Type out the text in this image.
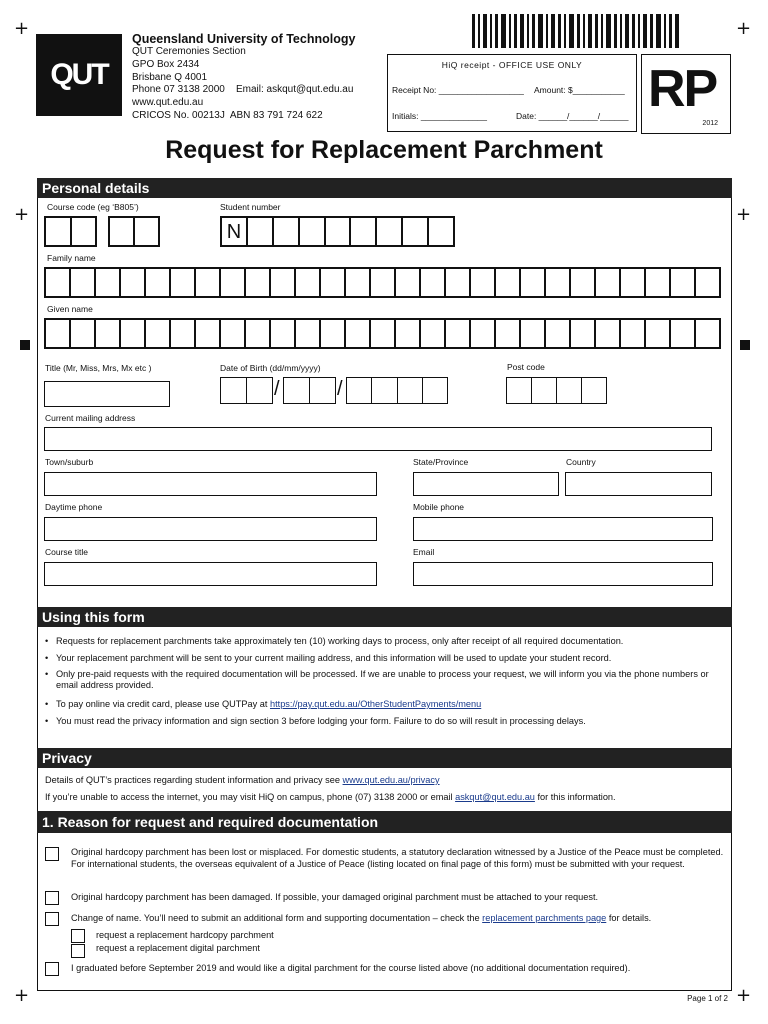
+	+
+	+
+	+
QUT
Queensland University of Technology
QUT Ceremonies Section
GPO Box 2434
Brisbane Q 4001
Phone 07 3138 2000    Email: askqut@qut.edu.au
www.qut.edu.au
CRICOS No. 00213J  ABN 83 791 724 622
HiQ receipt - OFFICE USE ONLY
Receipt No: __________________ Amount: $___________
Initials: ______________	Date: ______/______/______ RP
2012
Request for Replacement Parchment
Personal details
Course code (eg ‘B805’)	Student number
N
Family name
Given name
Title (Mr, Miss, Mrs, Mx etc )	Date of Birth (dd/mm/yyyy)	Post code
/	/
Current mailing address
Town/suburb	State/Province	Country
Daytime phone	Mobile phone
Course title	Email
Using this form
• Requests for replacement parchments take approximately ten (10) working days to process, only after receipt of all required documentation.
• Your replacement parchment will be sent to your current mailing address, and this information will be used to update your student record.
• Only pre-paid requests with the required documentation will be processed. If we are unable to process your request, we will inform you via the phone numbers or email address provided.
• To pay online via credit card, please use QUTPay at https://pay.qut.edu.au/OtherStudentPayments/menu
• You must read the privacy information and sign section 3 before lodging your form. Failure to do so will result in processing delays.
Privacy
Details of QUT’s practices regarding student information and privacy see www.qut.edu.au/privacy
If you’re unable to access the internet, you may visit HiQ on campus, phone (07) 3138 2000 or email askqut@qut.edu.au for this information.
1. Reason for request and required documentation
Original hardcopy parchment has been lost or misplaced. For domestic students, a statutory declaration witnessed by a Justice of the Peace must be completed. For international students, the overseas equivalent of a Justice of Peace (listing located on final page of this form) must be submitted with your request.
Original hardcopy parchment has been damaged. If possible, your damaged original parchment must be attached to your request.
Change of name. You’ll need to submit an additional form and supporting documentation – check the replacement parchments page for details.
request a replacement hardcopy parchment
request a replacement digital parchment
I graduated before September 2019 and would like a digital parchment for the course listed above (no additional documentation required).
Page 1 of 2
